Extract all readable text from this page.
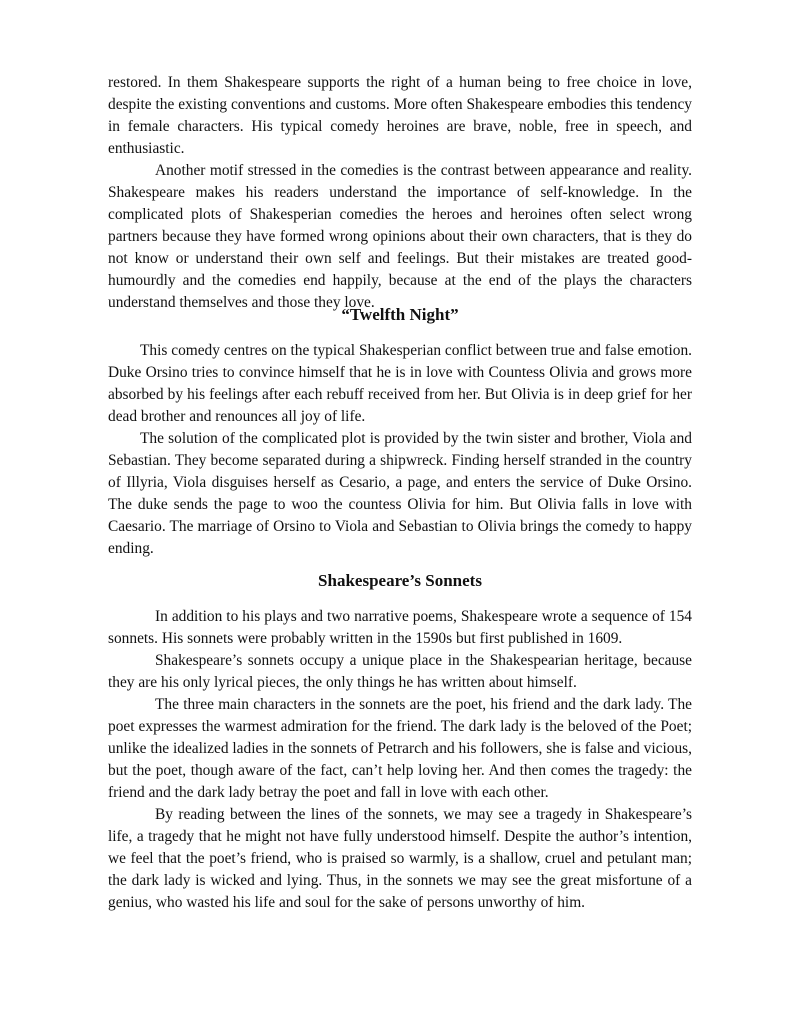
restored. In them Shakespeare supports the right of a human being to free choice in love, despite the existing conventions and customs. More often Shakespeare embodies this tendency in female characters. His typical comedy heroines are brave, noble, free in speech, and enthusiastic.

Another motif stressed in the comedies is the contrast between appearance and reality. Shakespeare makes his readers understand the importance of self-knowledge. In the complicated plots of Shakesperian comedies the heroes and heroines often select wrong partners because they have formed wrong opinions about their own characters, that is they do not know or understand their own self and feelings. But their mistakes are treated good-humourdly and the comedies end happily, because at the end of the plays the characters understand themselves and those they love.

“Twelfth Night”

This comedy centres on the typical Shakesperian conflict between true and false emotion. Duke Orsino tries to convince himself that he is in love with Countess Olivia and grows more absorbed by his feelings after each rebuff received from her. But Olivia is in deep grief for her dead brother and renounces all joy of life.

The solution of the complicated plot is provided by the twin sister and brother, Viola and Sebastian. They become separated during a shipwreck. Finding herself stranded in the country of Illyria, Viola disguises herself as Cesario, a page, and enters the service of Duke Orsino. The duke sends the page to woo the countess Olivia for him. But Olivia falls in love with Caesario. The marriage of Orsino to Viola and Sebastian to Olivia brings the comedy to happy ending.

Shakespeare’s Sonnets

In addition to his plays and two narrative poems, Shakespeare wrote a sequence of 154 sonnets. His sonnets were probably written in the 1590s but first published in 1609.

Shakespeare’s sonnets occupy a unique place in the Shakespearian heritage, because they are his only lyrical pieces, the only things he has written about himself.

The three main characters in the sonnets are the poet, his friend and the dark lady. The poet expresses the warmest admiration for the friend. The dark lady is the beloved of the Poet; unlike the idealized ladies in the sonnets of Petrarch and his followers, she is false and vicious, but the poet, though aware of the fact, can’t help loving her. And then comes the tragedy: the friend and the dark lady betray the poet and fall in love with each other.

By reading between the lines of the sonnets, we may see a tragedy in Shakespeare’s life, a tragedy that he might not have fully understood himself. Despite the author’s intention, we feel that the poet’s friend, who is praised so warmly, is a shallow, cruel and petulant man; the dark lady is wicked and lying. Thus, in the sonnets we may see the great misfortune of a genius, who wasted his life and soul for the sake of persons unworthy of him.
